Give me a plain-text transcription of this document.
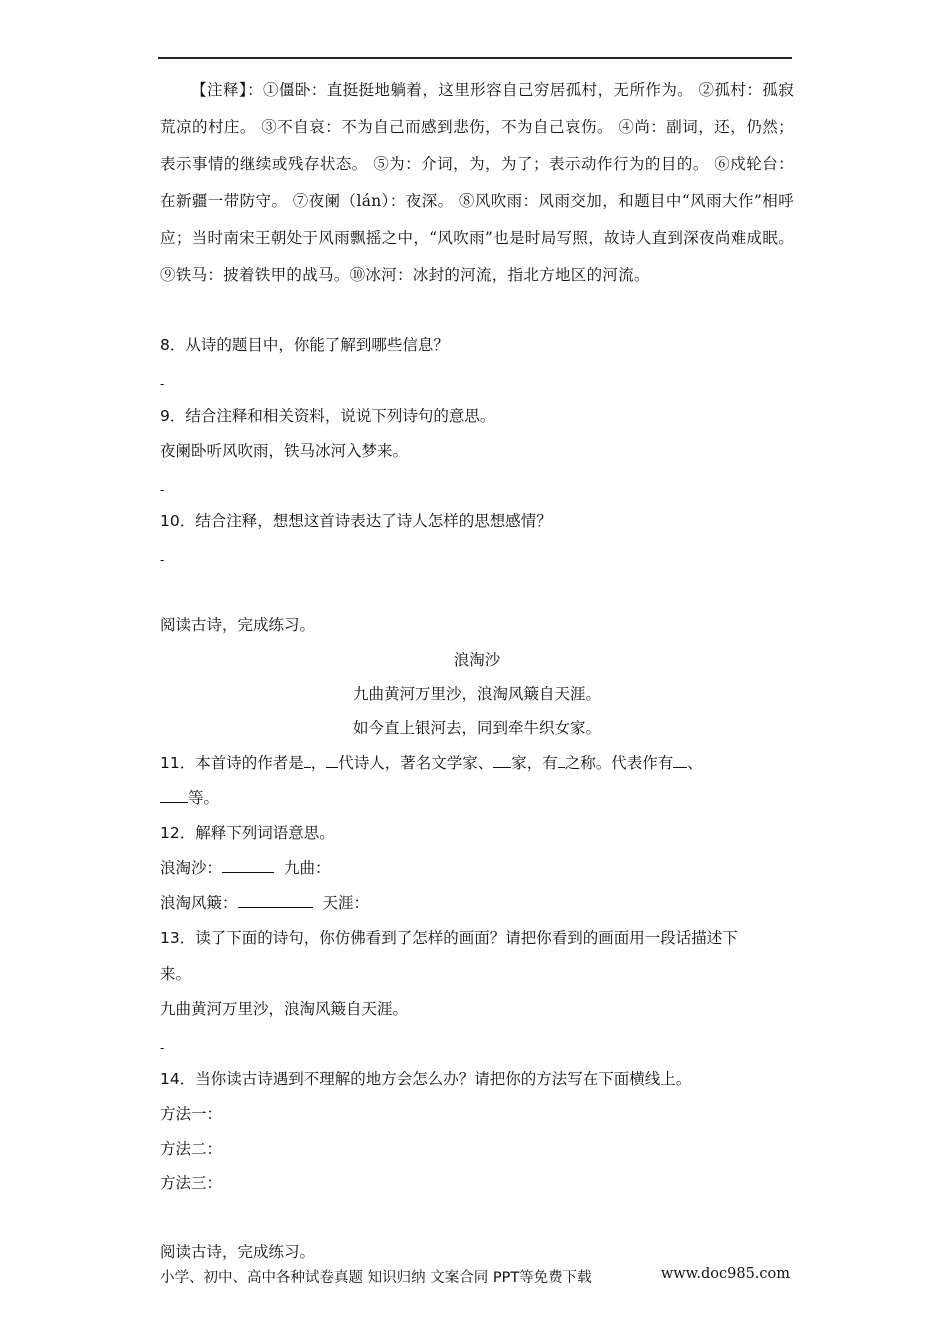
【注释】：①僵卧：直挺挺地躺着，这里形容自己穷居孤村，无所作为。 ②孤村：孤寂荒凉的村庄。 ③不自哀：不为自己而感到悲伤，不为自己哀伤。 ④尚：副词，还，仍然；表示事情的继续或残存状态。 ⑤为：介词，为，为了；表示动作行为的目的。 ⑥戍轮台：在新疆一带防守。 ⑦夜阑（lán）：夜深。 ⑧风吹雨：风雨交加，和题目中“风雨大作”相呼应；当时南宋王朝处于风雨飘摇之中，“风吹雨”也是时局写照，故诗人直到深夜尚难成眠。 ⑨铁马：披着铁甲的战马。⑩冰河：冰封的河流，指北方地区的河流。
8．从诗的题目中，你能了解到哪些信息？
-
9．结合注释和相关资料，说说下列诗句的意思。
夜阑卧听风吹雨，铁马冰河入梦来。
-
10．结合注释，想想这首诗表达了诗人怎样的思想感情？
-
阅读古诗，完成练习。
浪淘沙
九曲黄河万里沙，浪淘风簸自天涯。
如今直上银河去，同到牵牛织女家。
11．本首诗的作者是 ， 代诗人，著名文学家、 家，有 之称。代表作有 、
等。
12．解释下列词语意思。
浪淘沙：	九曲：
浪淘风簸：	天涯：
13．读了下面的诗句，你仿佛看到了怎样的画面？请把你看到的画面用一段话描述下
来。
九曲黄河万里沙，浪淘风簸自天涯。
-
14．当你读古诗遇到不理解的地方会怎么办？请把你的方法写在下面横线上。
方法一：
方法二：
方法三：
阅读古诗，完成练习。
小学、初中、高中各种试卷真题 知识归纳 文案合同 PPT等免费下载	www.doc985.com
